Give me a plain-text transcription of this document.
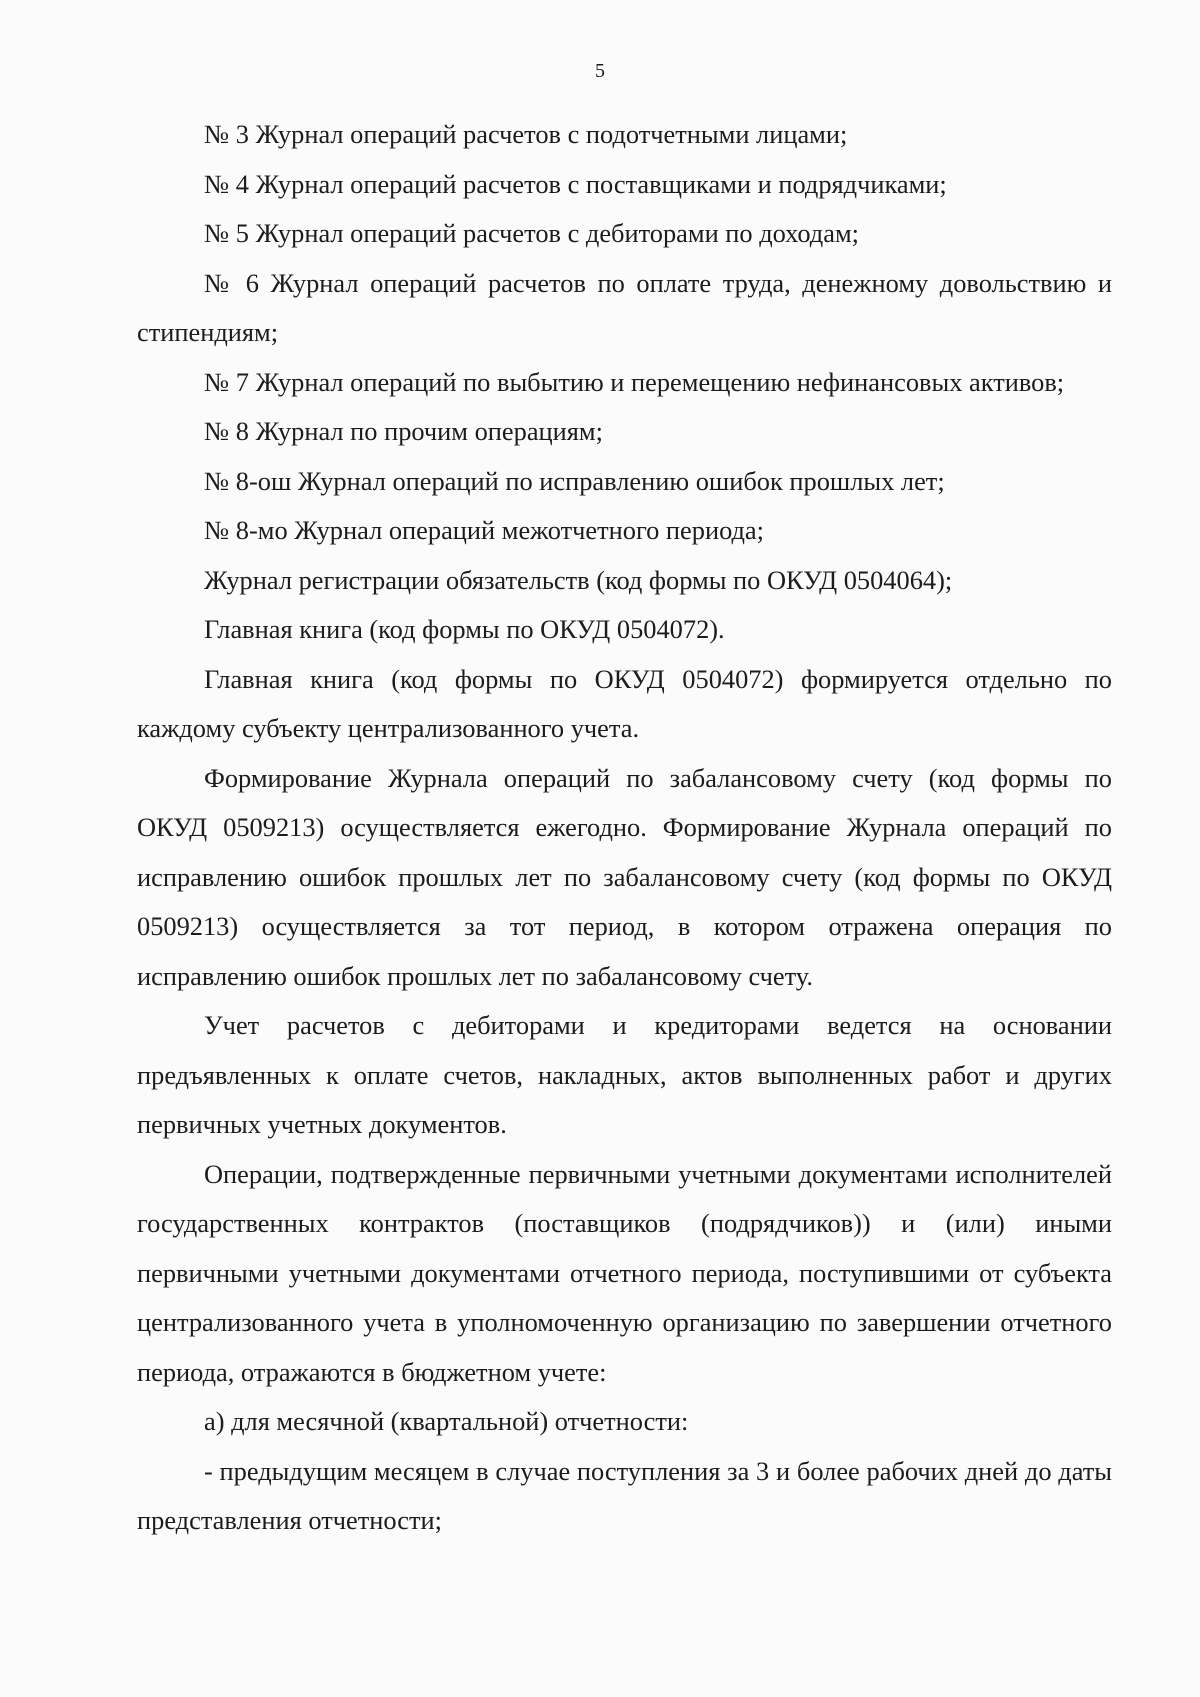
5

№ 3 Журнал операций расчетов с подотчетными лицами;

№ 4 Журнал операций расчетов с поставщиками и подрядчиками;

№ 5 Журнал операций расчетов с дебиторами по доходам;

№ 6 Журнал операций расчетов по оплате труда, денежному довольствию и стипендиям;

№ 7 Журнал операций по выбытию и перемещению нефинансовых активов;

№ 8 Журнал по прочим операциям;

№ 8-ош Журнал операций по исправлению ошибок прошлых лет;

№ 8-мо Журнал операций межотчетного периода;

Журнал регистрации обязательств (код формы по ОКУД 0504064);

Главная книга (код формы по ОКУД 0504072).

Главная книга (код формы по ОКУД 0504072) формируется отдельно по каждому субъекту централизованного учета.

Формирование Журнала операций по забалансовому счету (код формы по ОКУД 0509213) осуществляется ежегодно. Формирование Журнала операций по исправлению ошибок прошлых лет по забалансовому счету (код формы по ОКУД 0509213) осуществляется за тот период, в котором отражена операция по исправлению ошибок прошлых лет по забалансовому счету.

Учет расчетов с дебиторами и кредиторами ведется на основании предъявленных к оплате счетов, накладных, актов выполненных работ и других первичных учетных документов.

Операции, подтвержденные первичными учетными документами исполнителей государственных контрактов (поставщиков (подрядчиков)) и (или) иными первичными учетными документами отчетного периода, поступившими от субъекта централизованного учета в уполномоченную организацию по завершении отчетного периода, отражаются в бюджетном учете:

а) для месячной (квартальной) отчетности:

- предыдущим месяцем в случае поступления за 3 и более рабочих дней до даты представления отчетности;
